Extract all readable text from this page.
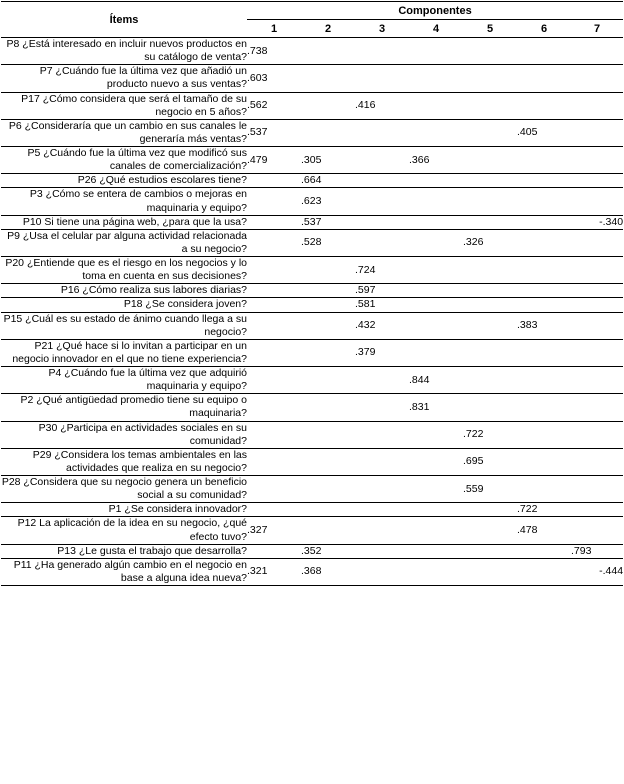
Ítems	Componentes						
	1	2	3	4	5	6	7
P8 ¿Está interesado en incluir nuevos productos en su catálogo de venta?	.738						
P7 ¿Cuándo fue la última vez que añadió un producto nuevo a sus ventas?	.603						
P17 ¿Cómo considera que será el tamaño de su negocio en 5 años?	.562		.416				
P6 ¿Consideraría que un cambio en sus canales le generaría más ventas?	.537					.405	
P5 ¿Cuándo fue la última vez que modificó sus canales de comercialización?	.479	.305		.366			
P26 ¿Qué estudios escolares tiene?		.664					
P3 ¿Cómo se entera de cambios o mejoras en maquinaria y equipo?		.623					
P10 Si tiene una página web, ¿para que la usa?		.537					-.340
P9 ¿Usa el celular par alguna actividad relacionada a su negocio?		.528			.326		
P20 ¿Entiende que es el riesgo en los negocios y lo toma en cuenta en sus decisiones?			.724				
P16 ¿Cómo realiza sus labores diarias?			.597				
P18 ¿Se considera joven?			.581				
P15 ¿Cuál es su estado de ánimo cuando llega a su negocio?			.432			.383	
P21 ¿Qué hace si lo invitan a participar en un negocio innovador en el que no tiene experiencia?			.379				
P4 ¿Cuándo fue la última vez que adquirió maquinaria y equipo?				.844			
P2 ¿Qué antigüedad promedio tiene su equipo o maquinaria?				.831			
P30 ¿Participa en actividades sociales en su comunidad?					.722		
P29 ¿Considera los temas ambientales en las actividades que realiza en su negocio?					.695		
P28 ¿Considera que su negocio genera un beneficio social a su comunidad?					.559		
P1 ¿Se considera innovador?						.722	
P12 La aplicación de la idea en su negocio, ¿qué efecto tuvo?	.327					.478	
P13 ¿Le gusta el trabajo que desarrolla?		.352					.793
P11 ¿Ha generado algún cambio en el negocio en base a alguna idea nueva?	.321	.368					-.444
